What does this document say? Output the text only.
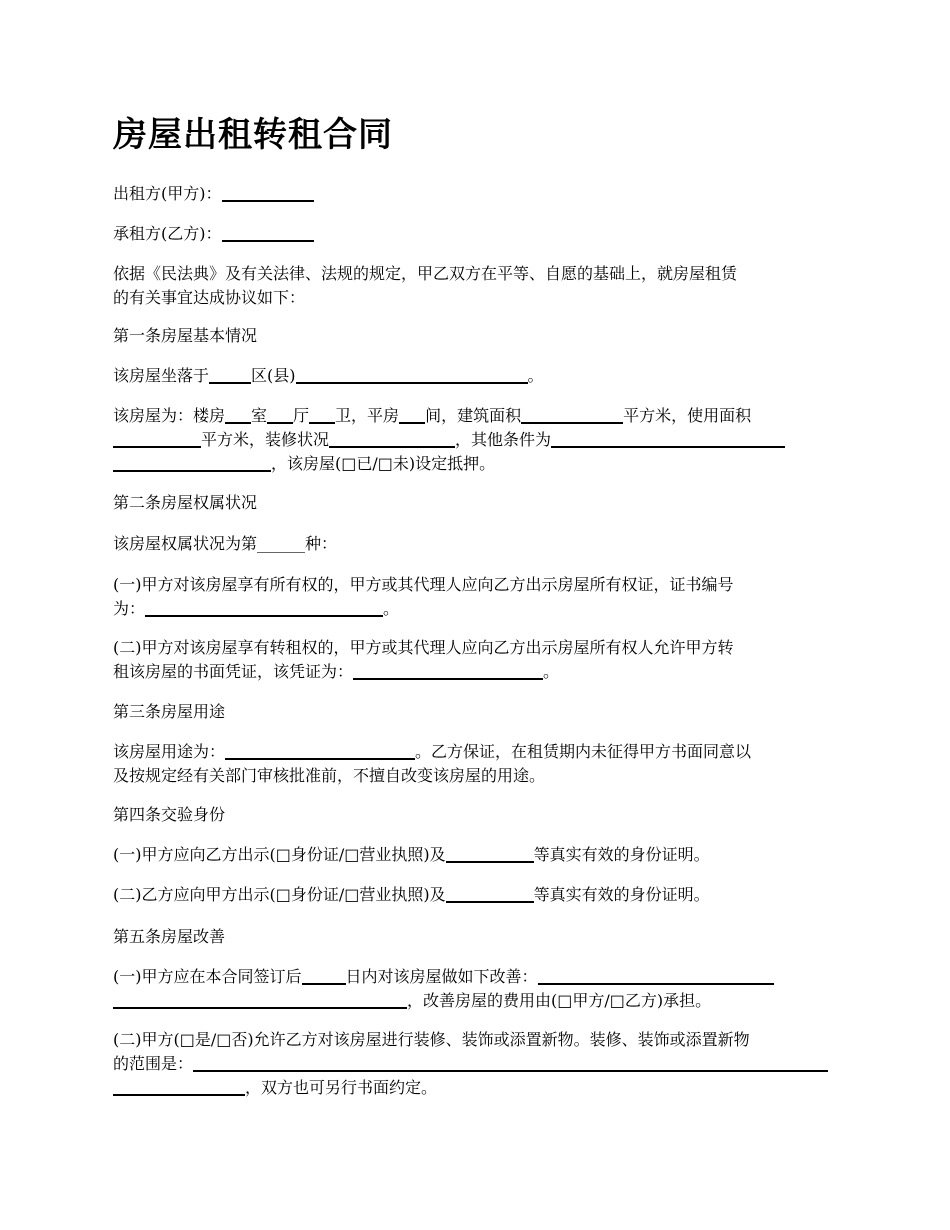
房屋出租转租合同

出租方(甲方)：

承租方(乙方)：

依据《民法典》及有关法律、法规的规定，甲乙双方在平等、自愿的基础上，就房屋租赁
的有关事宜达成协议如下：

第一条房屋基本情况

该房屋坐落于	区(县)	。

该房屋为：楼房 室 厅 卫，平房 间，建筑面积	平方米，使用面积
平方米，装修状况	，其他条件为
，该房屋(□已/□未)设定抵押。

第二条房屋权属状况

该房屋权属状况为第______种：

(一)甲方对该房屋享有所有权的，甲方或其代理人应向乙方出示房屋所有权证，证书编号
为：	。

(二)甲方对该房屋享有转租权的，甲方或其代理人应向乙方出示房屋所有权人允许甲方转
租该房屋的书面凭证，该凭证为：	。

第三条房屋用途

该房屋用途为：	。乙方保证，在租赁期内未征得甲方书面同意以
及按规定经有关部门审核批准前，不擅自改变该房屋的用途。

第四条交验身份

(一)甲方应向乙方出示(□身份证/□营业执照)及	等真实有效的身份证明。

(二)乙方应向甲方出示(□身份证/□营业执照)及	等真实有效的身份证明。

第五条房屋改善

(一)甲方应在本合同签订后	日内对该房屋做如下改善：
，改善房屋的费用由(□甲方/□乙方)承担。

(二)甲方(□是/□否)允许乙方对该房屋进行装修、装饰或添置新物。装修、装饰或添置新物
的范围是：
，双方也可另行书面约定。
